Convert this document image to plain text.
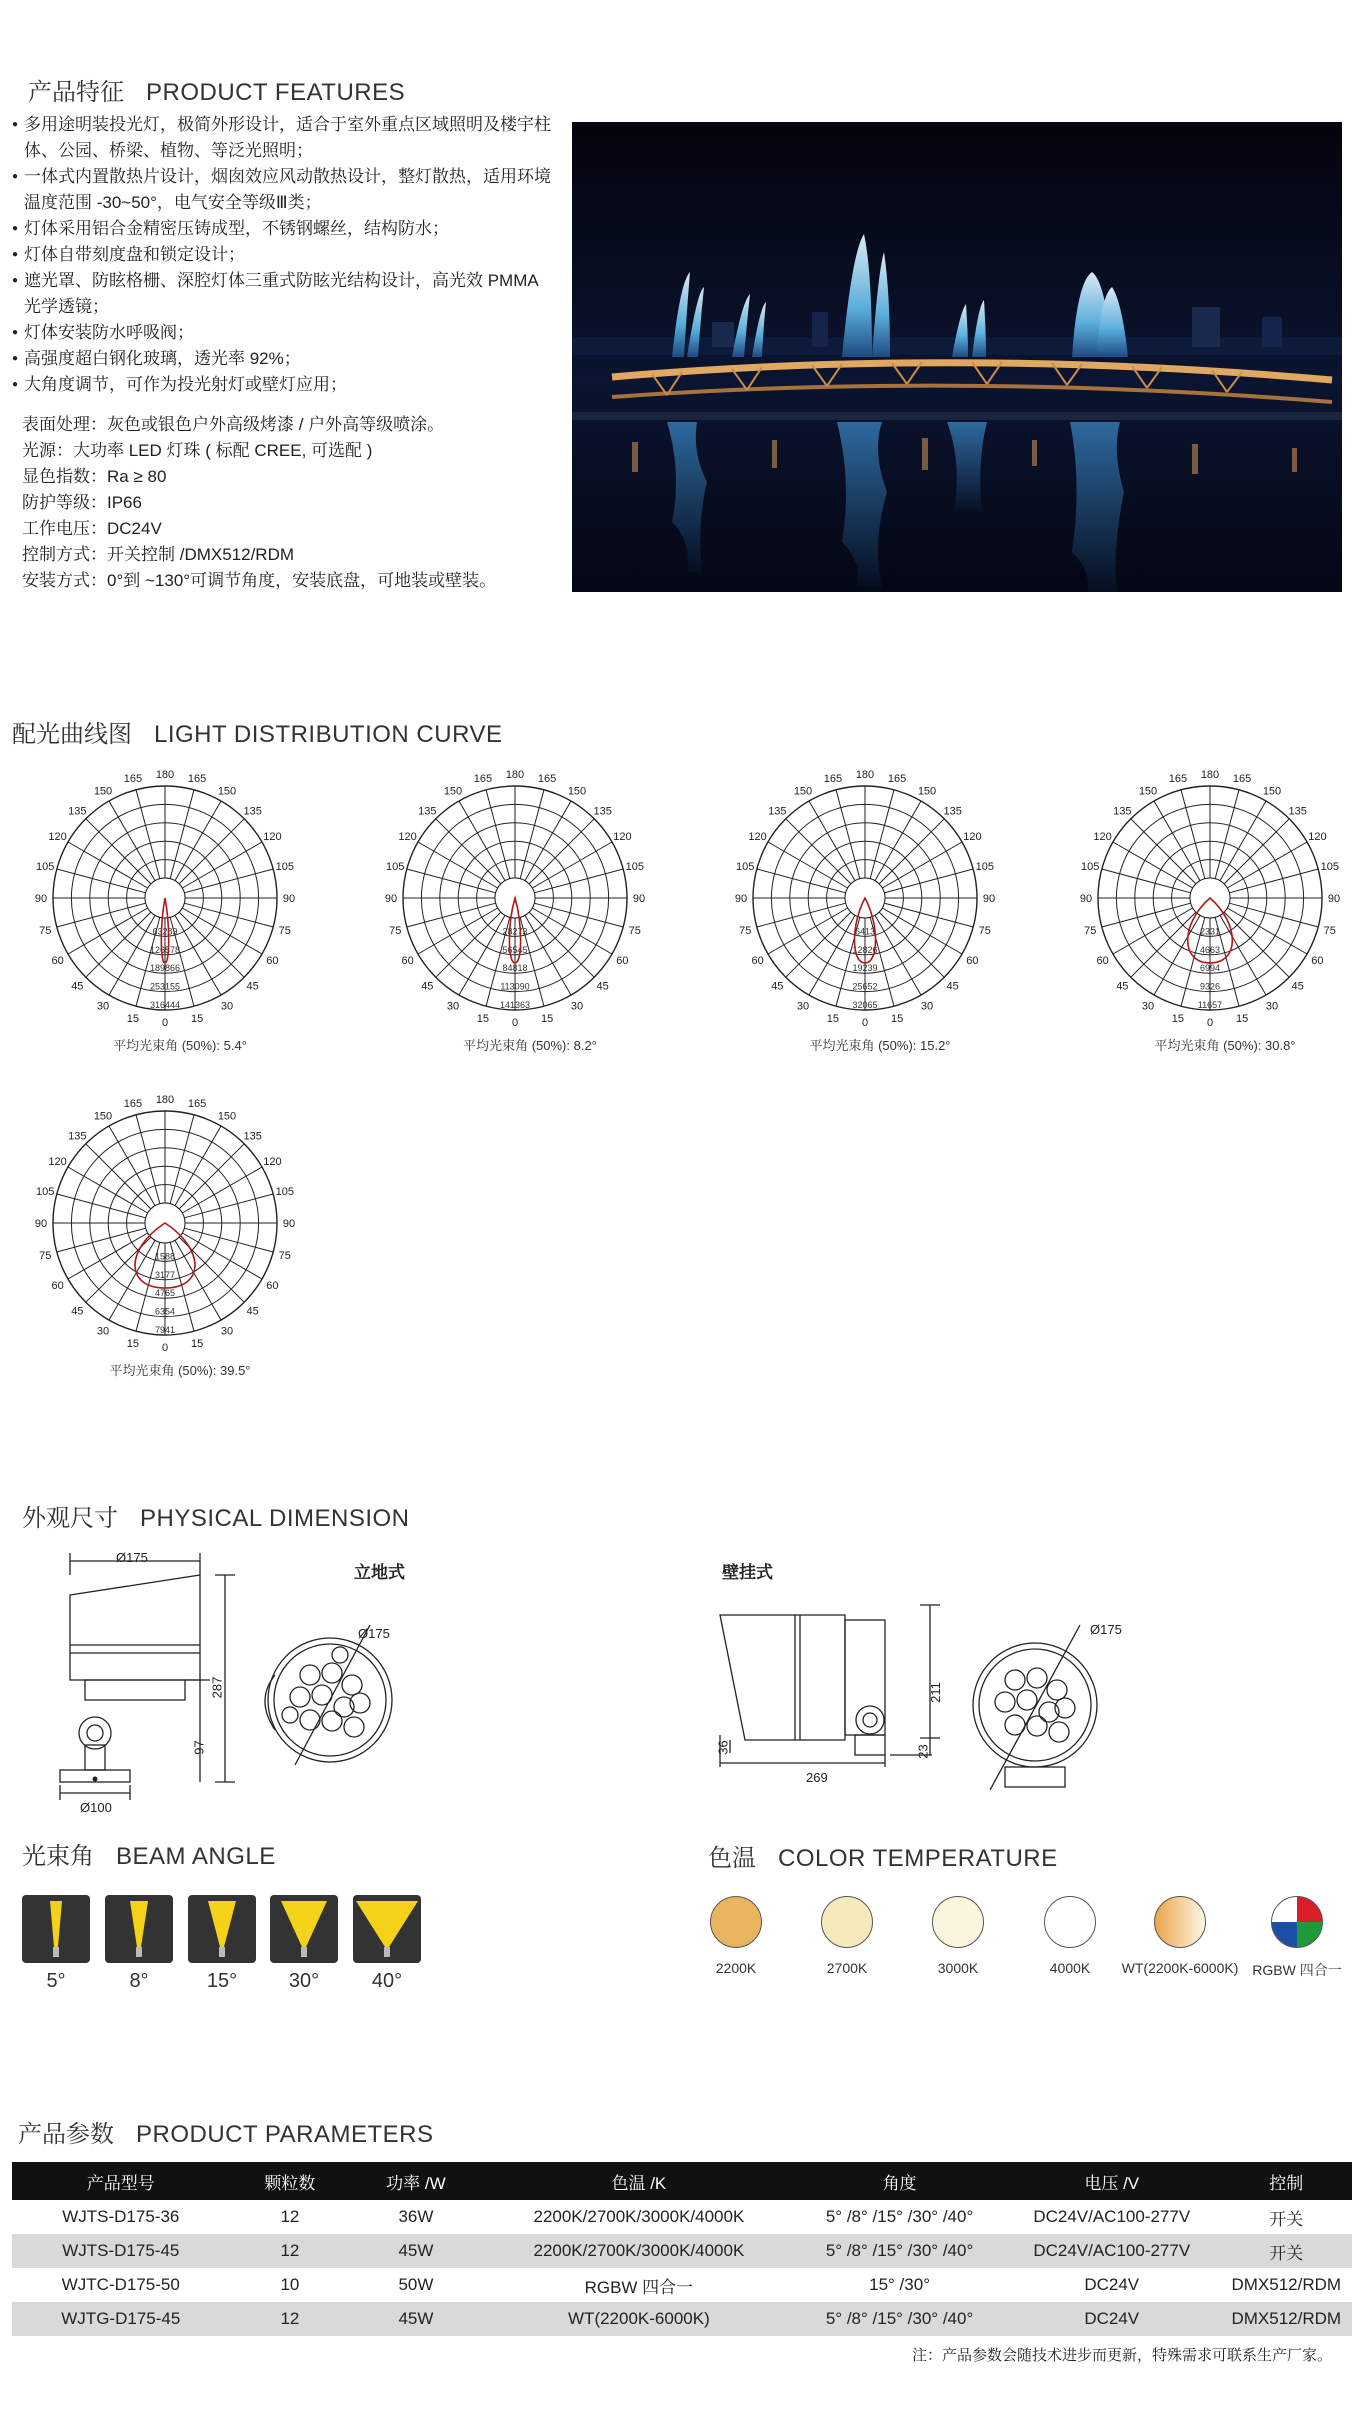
产品特征 PRODUCT FEATURES
● 多用途明装投光灯，极简外形设计，适合于室外重点区域照明及楼宇柱体、公园、桥梁、植物、等泛光照明；
● 一体式内置散热片设计，烟囱效应风动散热设计，整灯散热，适用环境温度范围 -30~50°，电气安全等级Ⅲ类；
● 灯体采用铝合金精密压铸成型，不锈钢螺丝，结构防水；
● 灯体自带刻度盘和锁定设计；
● 遮光罩、防眩格栅、深腔灯体三重式防眩光结构设计，高光效 PMMA 光学透镜；
● 灯体安装防水呼吸阀；
● 高强度超白钢化玻璃，透光率 92%；
● 大角度调节，可作为投光射灯或壁灯应用；
表面处理：灰色或银色户外高级烤漆 / 户外高等级喷涂。
光源：大功率 LED 灯珠 ( 标配 CREE, 可选配 )
显色指数：Ra ≥ 80
防护等级：IP66
工作电压：DC24V
控制方式：开关控制 /DMX512/RDM
安装方式：0°到 ~130°可调节角度，安装底盘，可地装或壁装。
配光曲线图 LIGHT DISTRIBUTION CURVE
0 15
30
45
60
75
90
105
120
135
150
165
180
165
150
135
120
105
90
75
60
45
30
15
63289
126578
189866
253155
316444
0 15
30
45
60
75
90
105
120
135
150
165
180
165
150
135
120
105
90
75
60
45
30
15
28273
56545
84818
113090
141363
0 15
30
45
60
75
90
105
120
135
150
165
180
165
150
135
120
105
90
75
60
45
30
15
6413
12826
19239
25652
32065
0 15
30
45
60
75
90
105
120
135
150
165
180
165
150
135
120
105
90
75
60
45
30
15
2331
4663
6994
9326
11657
0 15
30
45
60
75
90
105
120
135
150
165
180
165
150
135
120
105
90
75
60
45
30
15
1588
3177
4765
6354
7941
平均光束角 (50%): 5.4°	平均光束角 (50%): 8.2°	平均光束角 (50%): 15.2°	平均光束角 (50%): 30.8°
平均光束角 (50%): 39.5°
外观尺寸 PHYSICAL DIMENSION
立地式	壁挂式
Ø175
Ø175
Ø100
287
97
Ø175
211
36	23
269
光束角 BEAM ANGLE
5°	8°	15°	30°	40°
色温 COLOR TEMPERATURE
2200K	2700K	3000K	4000K	WT(2200K-6000K) RGBW 四合一
产品参数 PRODUCT PARAMETERS
产品型号	颗粒数	功率 /W	色温 /K	角度	电压 /V	控制
WJTS-D175-36	12	36W	2200K/2700K/3000K/4000K	5° /8° /15° /30° /40°	DC24V/AC100-277V	开关
WJTS-D175-45	12	45W	2200K/2700K/3000K/4000K	5° /8° /15° /30° /40°	DC24V/AC100-277V	开关
WJTC-D175-50	10	50W	RGBW 四合一	15° /30°	DC24V	DMX512/RDM
WJTG-D175-45	12	45W	WT(2200K-6000K)	5° /8° /15° /30° /40°	DC24V	DMX512/RDM
注：产品参数会随技术进步而更新，特殊需求可联系生产厂家。
